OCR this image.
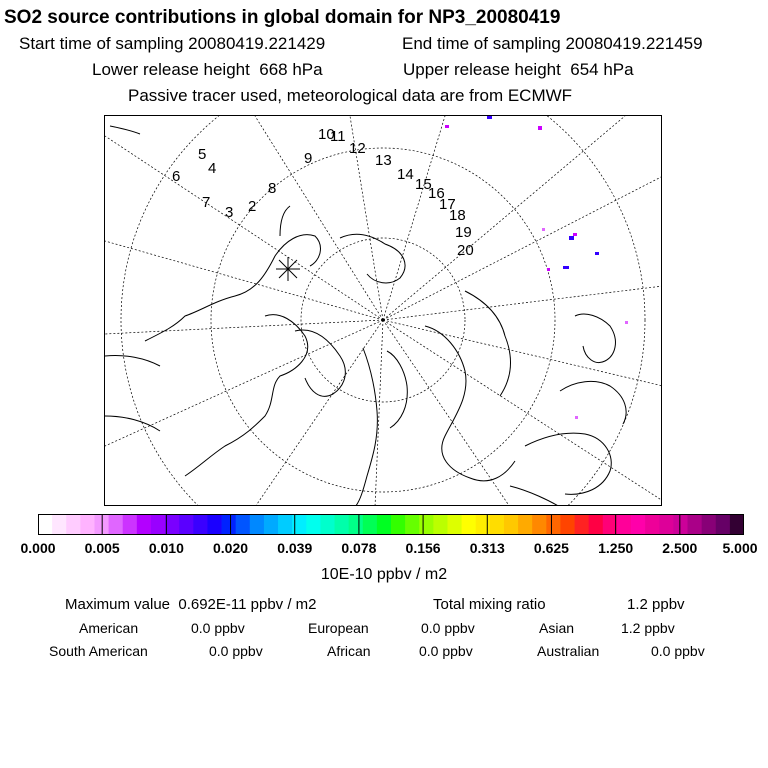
SO2 source contributions in global domain for NP3_20080419
Start time of sampling 20080419.221429	End time of sampling 20080419.221459
Lower release height  668 hPa	Upper release height  654 hPa
Passive tracer used, meteorological data are from ECMWF
10
11
12
13
14
15
16
17
18
19
20
9
8
5
4
6
7
3 2
0.000 0.005 0.010 0.020 0.039 0.078 0.156 0.313 0.625 1.250 2.500 5.000
10E-10 ppbv / m2
Maximum value  0.692E-11 ppbv / m2	Total mixing ratio	1.2 ppbv
American	0.0 ppbv	European	0.0 ppbv	Asian	1.2 ppbv
South American	0.0 ppbv	African	0.0 ppbv	Australian	0.0 ppbv
